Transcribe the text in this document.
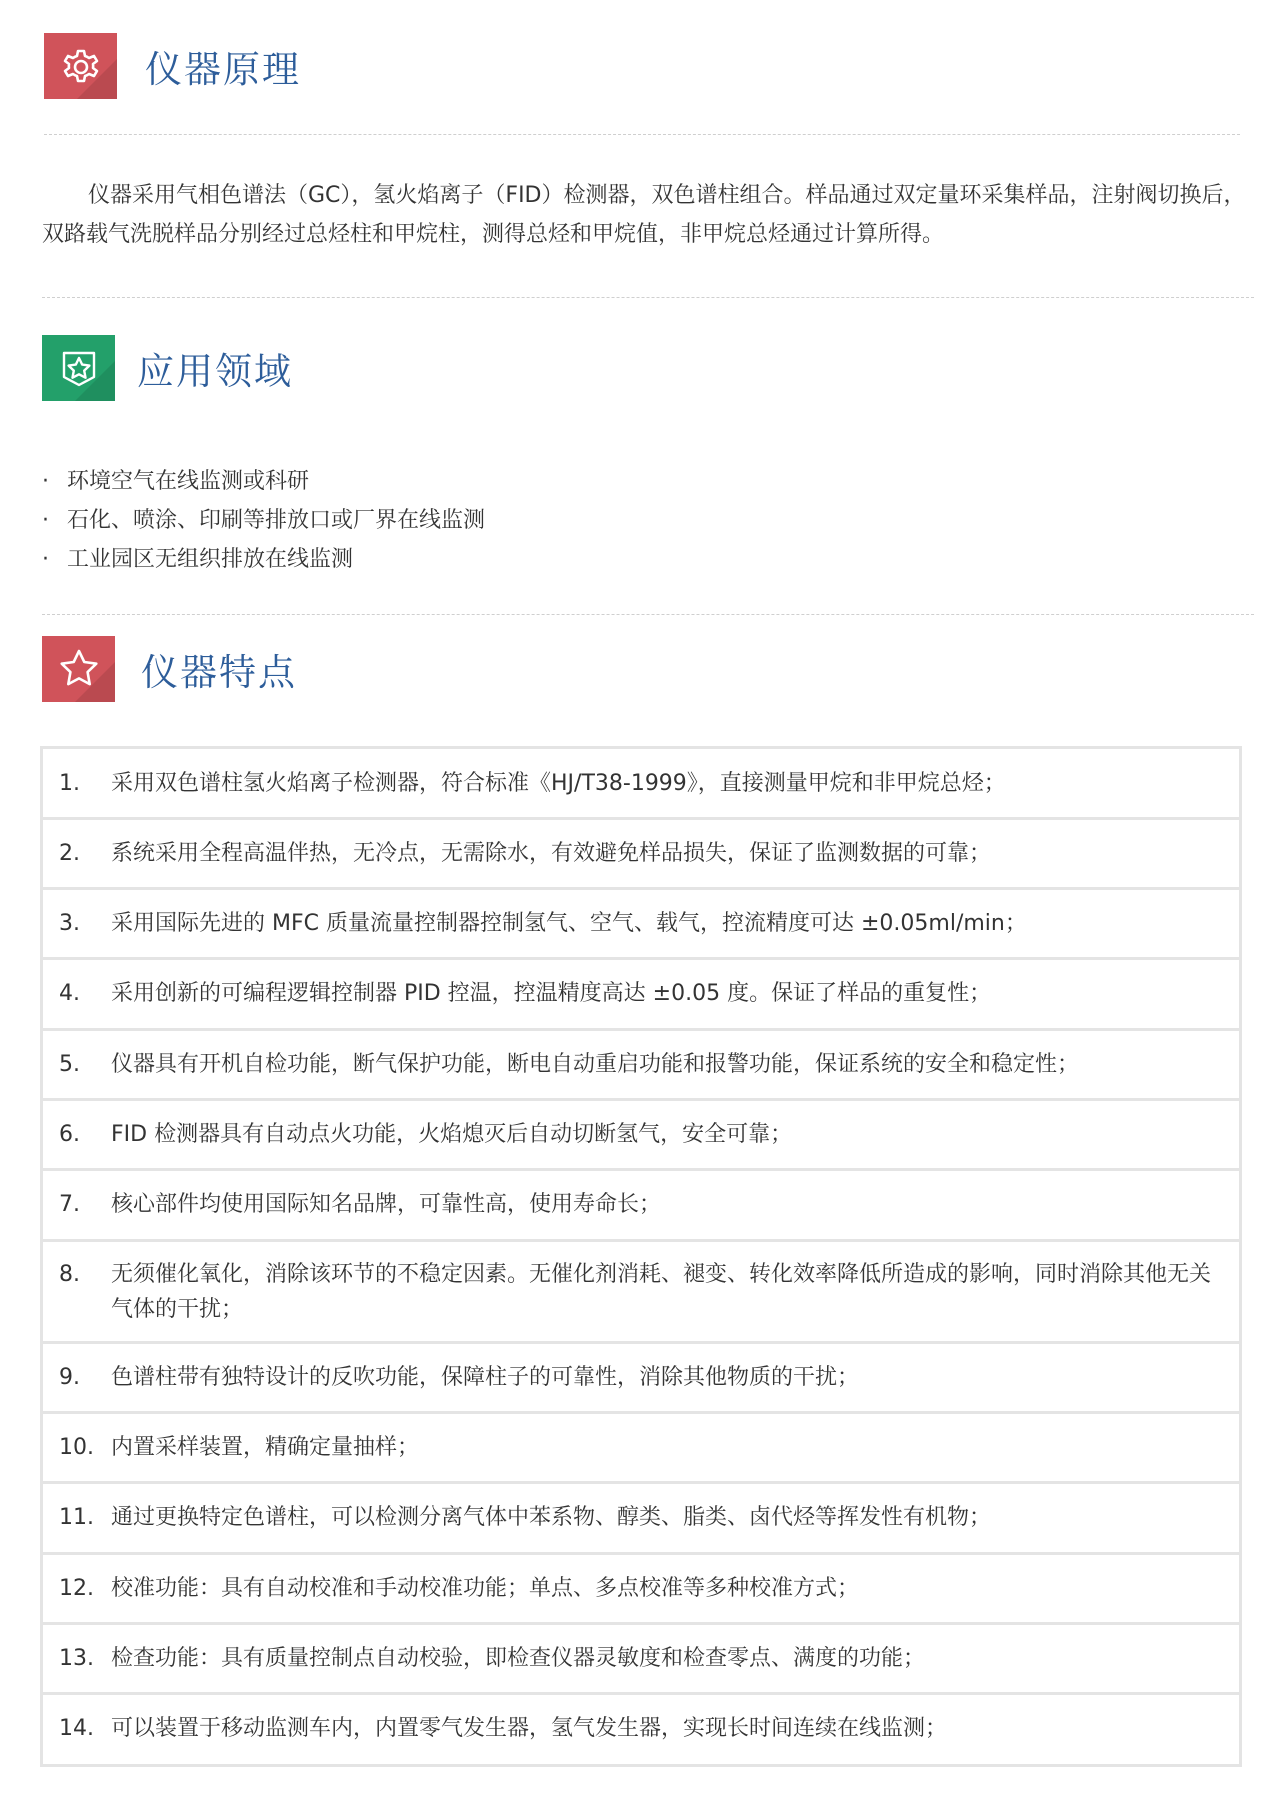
仪器原理
仪器采用气相色谱法（GC），氢火焰离子（FID）检测器，双色谱柱组合。样品通过双定量环采集样品，注射阀切换后，双路载气洗脱样品分别经过总烃柱和甲烷柱，测得总烃和甲烷值，非甲烷总烃通过计算所得。
应用领域
· 环境空气在线监测或科研
· 石化、喷涂、印刷等排放口或厂界在线监测
· 工业园区无组织排放在线监测
仪器特点
1.	采用双色谱柱氢火焰离子检测器，符合标准《HJ/T38-1999》，直接测量甲烷和非甲烷总烃；
2.	系统采用全程高温伴热，无冷点，无需除水，有效避免样品损失，保证了监测数据的可靠；
3.	采用国际先进的 MFC 质量流量控制器控制氢气、空气、载气，控流精度可达 ±0.05ml/min；
4.	采用创新的可编程逻辑控制器 PID 控温，控温精度高达 ±0.05 度。保证了样品的重复性；
5.	仪器具有开机自检功能，断气保护功能，断电自动重启功能和报警功能，保证系统的安全和稳定性；
6.	FID 检测器具有自动点火功能，火焰熄灭后自动切断氢气，安全可靠；
7.	核心部件均使用国际知名品牌，可靠性高，使用寿命长；
8.	无须催化氧化，消除该环节的不稳定因素。无催化剂消耗、褪变、转化效率降低所造成的影响，同时消除其他无关气体的干扰；
9.	色谱柱带有独特设计的反吹功能，保障柱子的可靠性，消除其他物质的干扰；
10. 内置采样装置，精确定量抽样；
11. 通过更换特定色谱柱，可以检测分离气体中苯系物、醇类、脂类、卤代烃等挥发性有机物；
12. 校准功能：具有自动校准和手动校准功能；单点、多点校准等多种校准方式；
13. 检查功能：具有质量控制点自动校验，即检查仪器灵敏度和检查零点、满度的功能；
14. 可以装置于移动监测车内，内置零气发生器，氢气发生器，实现长时间连续在线监测；
